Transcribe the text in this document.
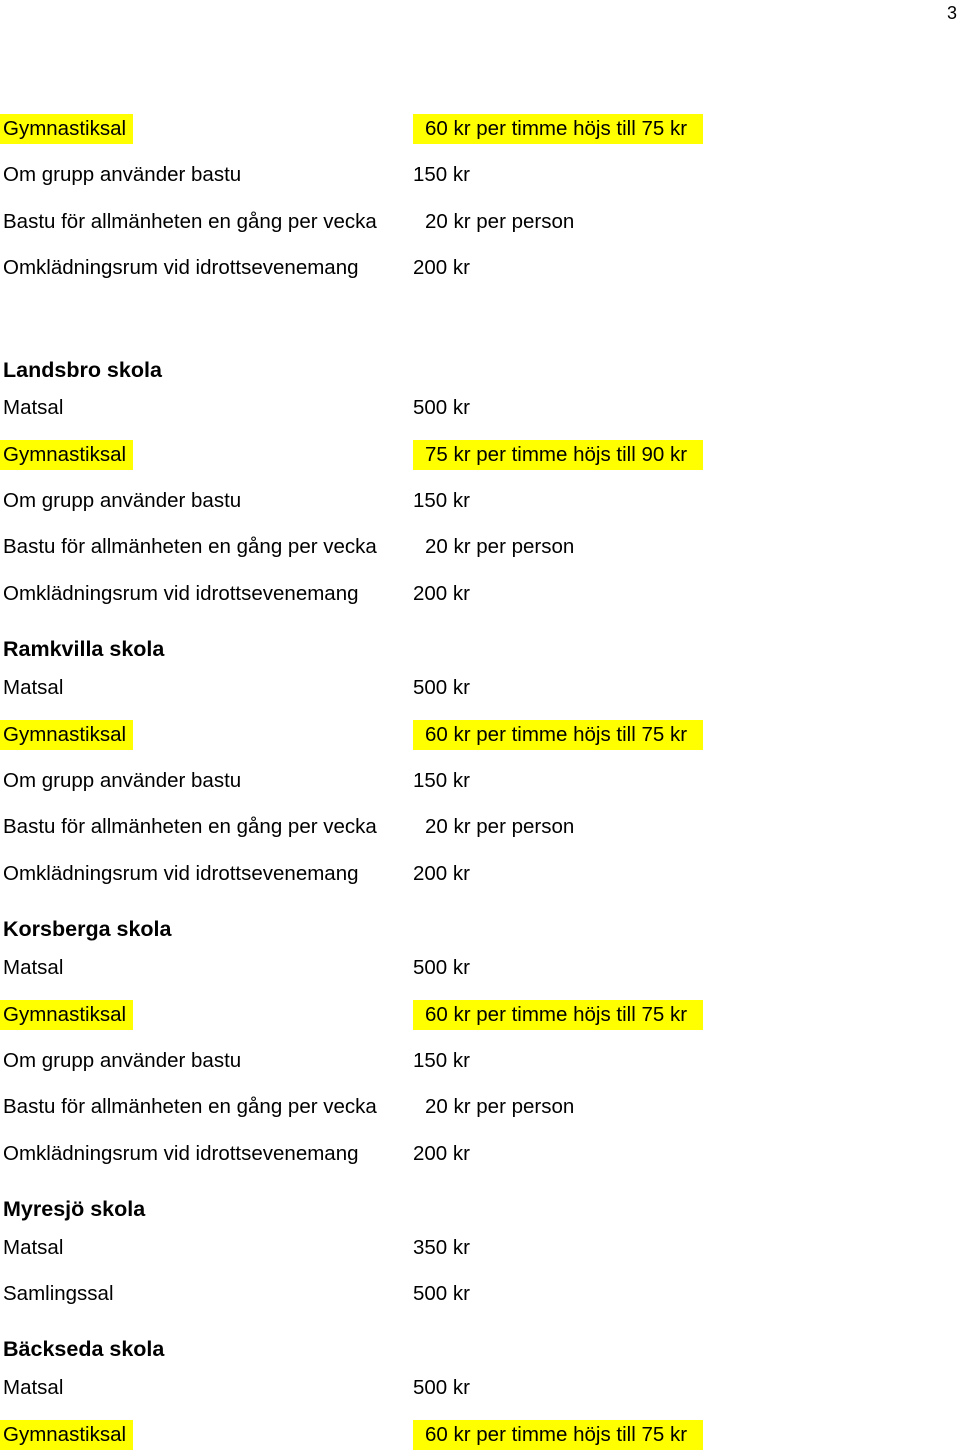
3
Gymnastiksal	60 kr per timme höjs till 75 kr
Om grupp använder bastu	150 kr
Bastu för allmänheten en gång per vecka 20 kr per person
Omklädningsrum vid idrottsevenemang	200 kr
Landsbro skola
Matsal	500 kr
Gymnastiksal	75 kr per timme höjs till 90 kr
Om grupp använder bastu	150 kr
Bastu för allmänheten en gång per vecka 20 kr per person
Omklädningsrum vid idrottsevenemang	200 kr
Ramkvilla skola
Matsal	500 kr
Gymnastiksal	60 kr per timme höjs till 75 kr
Om grupp använder bastu	150 kr
Bastu för allmänheten en gång per vecka 20 kr per person
Omklädningsrum vid idrottsevenemang	200 kr
Korsberga skola
Matsal	500 kr
Gymnastiksal	60 kr per timme höjs till 75 kr
Om grupp använder bastu	150 kr
Bastu för allmänheten en gång per vecka 20 kr per person
Omklädningsrum vid idrottsevenemang	200 kr
Myresjö skola
Matsal	350 kr
Samlingssal	500 kr
Bäckseda skola
Matsal	500 kr
Gymnastiksal	60 kr per timme höjs till 75 kr
